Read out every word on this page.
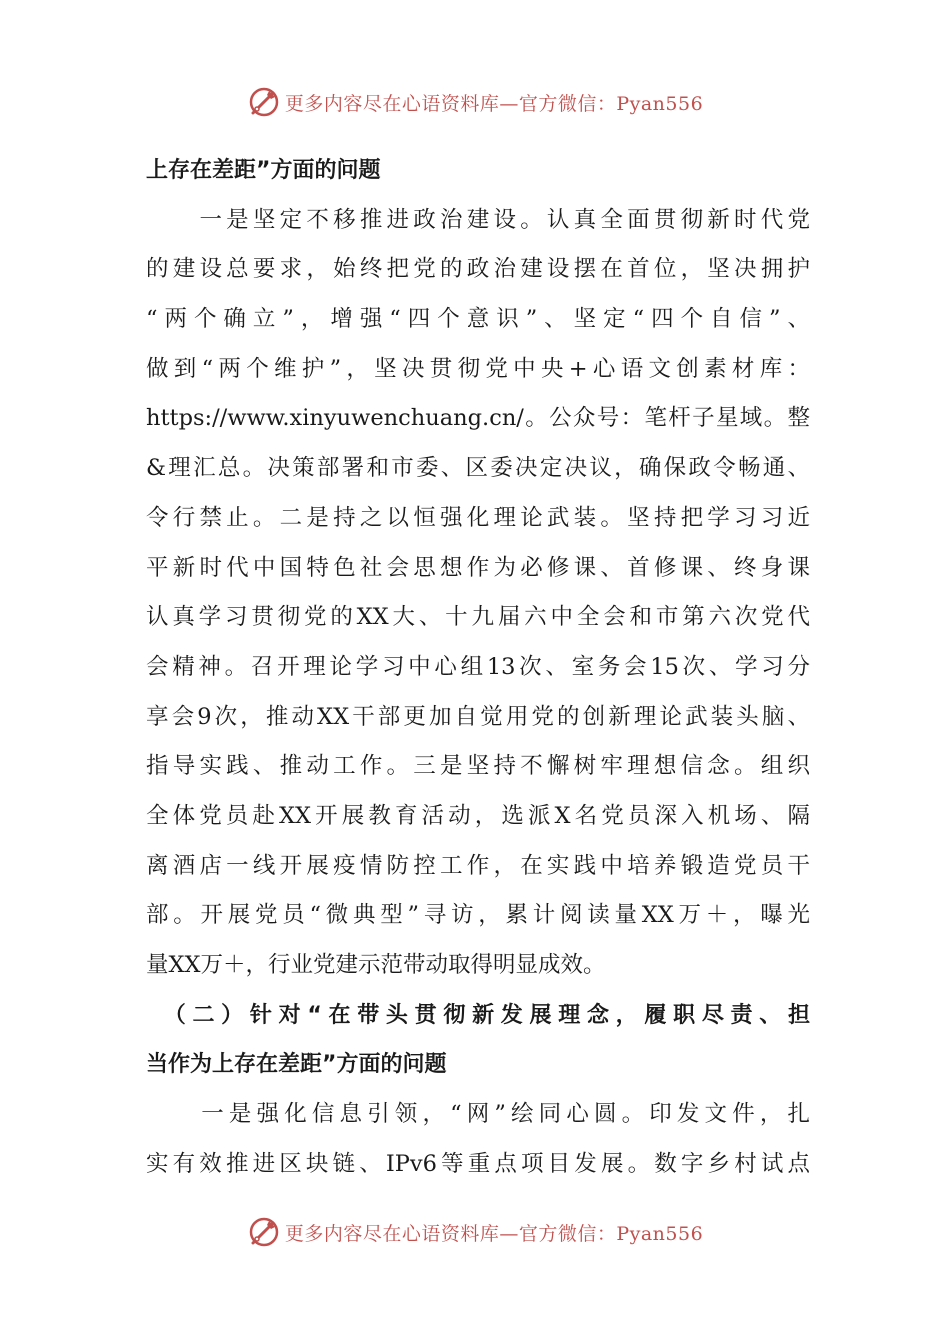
更多内容尽在心语资料库—官方微信：Pyan556
上存在差距”方面的问题
　　一是坚定不移推进政治建设。认真全面贯彻新时代党
的建设总要求，始终把党的政治建设摆在首位，坚决拥护
“两个确立”，增强“四个意识”、坚定“四个自信”、
做到“两个维护”，坚决贯彻党中央+心语文创素材库：
https://www.xinyuwenchuang.cn/。公众号：笔杆子星域。整
&理汇总。决策部署和市委、区委决定决议，确保政令畅通、
令行禁止。二是持之以恒强化理论武装。坚持把学习习近
平新时代中国特色社会思想作为必修课、首修课、终身课
认真学习贯彻党的XX大、十九届六中全会和市第六次党代
会精神。召开理论学习中心组13次、室务会15次、学习分
享会9次，推动XX干部更加自觉用党的创新理论武装头脑、
指导实践、推动工作。三是坚持不懈树牢理想信念。组织
全体党员赴XX开展教育活动，选派X名党员深入机场、隔
离酒店一线开展疫情防控工作，在实践中培养锻造党员干
部。开展党员“微典型”寻访，累计阅读量XX万＋，曝光
量XX万＋，行业党建示范带动取得明显成效。
　（二）针对“在带头贯彻新发展理念，履职尽责、担
当作为上存在差距”方面的问题
　　一是强化信息引领，“网”绘同心圆。印发文件，扎
实有效推进区块链、IPv6等重点项目发展。数字乡村试点
更多内容尽在心语资料库—官方微信：Pyan556
